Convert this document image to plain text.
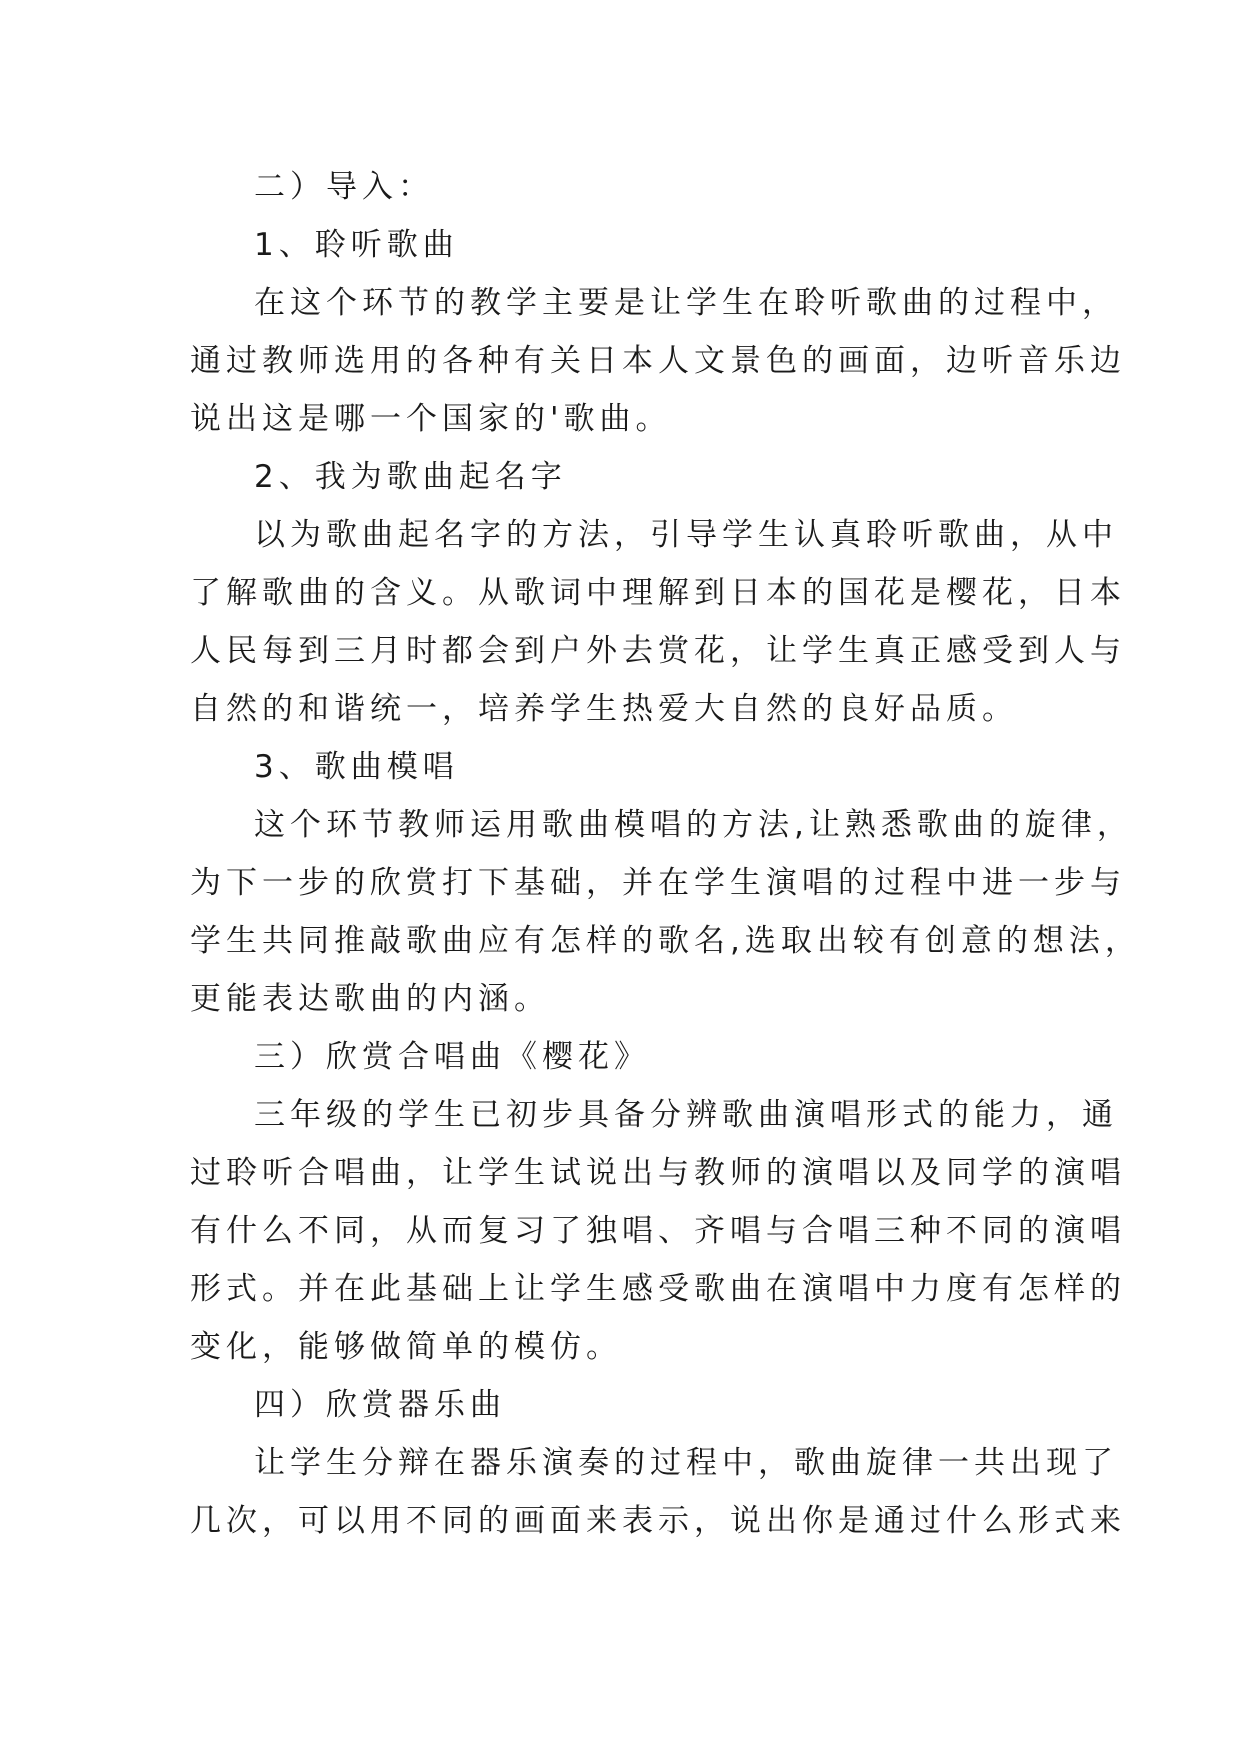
二）导入：
1、聆听歌曲
在这个环节的教学主要是让学生在聆听歌曲的过程中，
通过教师选用的各种有关日本人文景色的画面，边听音乐边
说出这是哪一个国家的'歌曲。
2、我为歌曲起名字
以为歌曲起名字的方法，引导学生认真聆听歌曲，从中
了解歌曲的含义。从歌词中理解到日本的国花是樱花，日本
人民每到三月时都会到户外去赏花，让学生真正感受到人与
自然的和谐统一，培养学生热爱大自然的良好品质。
3、歌曲模唱
这个环节教师运用歌曲模唱的方法,让熟悉歌曲的旋律，
为下一步的欣赏打下基础，并在学生演唱的过程中进一步与
学生共同推敲歌曲应有怎样的歌名,选取出较有创意的想法，
更能表达歌曲的内涵。
三）欣赏合唱曲《樱花》
三年级的学生已初步具备分辨歌曲演唱形式的能力，通
过聆听合唱曲，让学生试说出与教师的演唱以及同学的演唱
有什么不同，从而复习了独唱、齐唱与合唱三种不同的演唱
形式。并在此基础上让学生感受歌曲在演唱中力度有怎样的
变化，能够做简单的模仿。
四）欣赏器乐曲
让学生分辩在器乐演奏的过程中，歌曲旋律一共出现了
几次，可以用不同的画面来表示，说出你是通过什么形式来
